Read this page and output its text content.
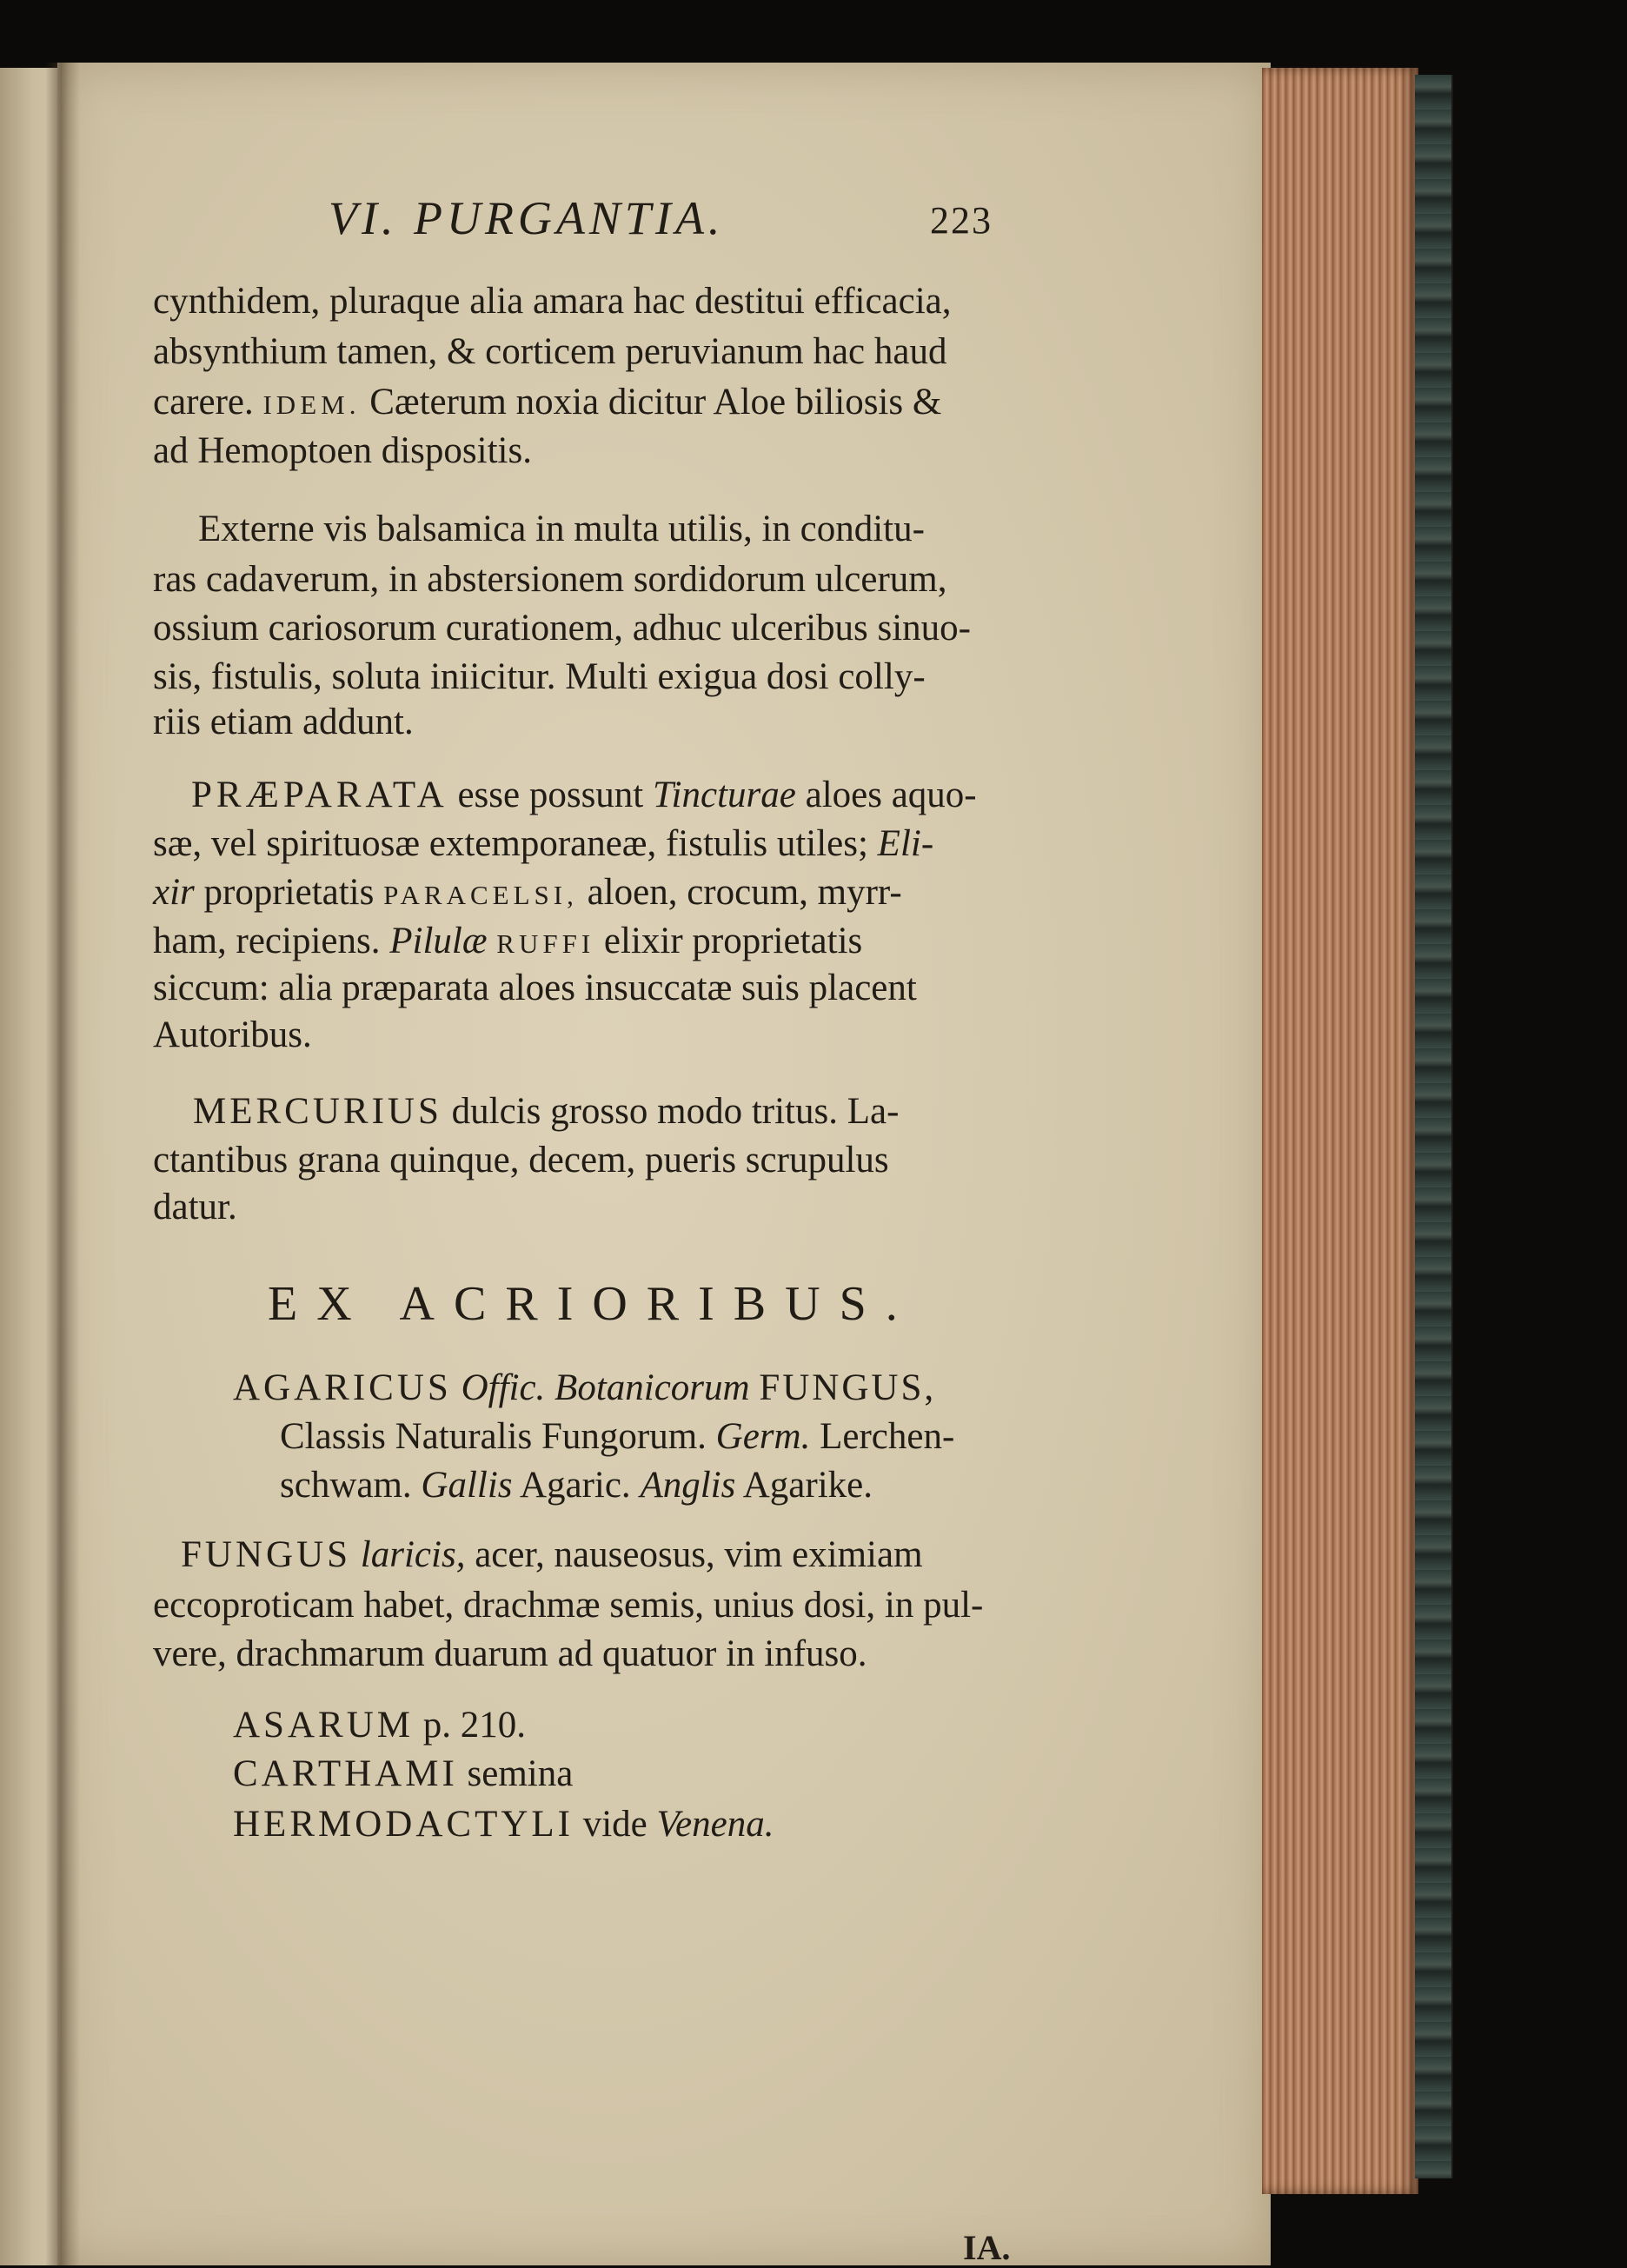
VI. PURGANTIA.	223
cynthidem, pluraque alia amara hac destitui efficacia,
absynthium tamen, & corticem peruvianum hac haud
carere. IDEM. Cæterum noxia dicitur Aloe biliosis &
ad Hemoptoen dispositis.
Externe vis balsamica in multa utilis, in conditu-
ras cadaverum, in abstersionem sordidorum ulcerum,
ossium cariosorum curationem, adhuc ulceribus sinuo-
sis, fistulis, soluta iniicitur. Multi exigua dosi colly-
riis etiam addunt.
PRÆPARATA esse possunt Tincturae aloes aquo-
sæ, vel spirituosæ extemporaneæ, fistulis utiles; Eli-
xir proprietatis PARACELSI, aloen, crocum, myrr-
ham, recipiens. Pilulæ RUFFI elixir proprietatis
siccum: alia præparata aloes insuccatæ suis placent
Autoribus.
MERCURIUS dulcis grosso modo tritus. La-
ctantibus grana quinque, decem, pueris scrupulus
datur.
EX ACRIORIBUS.
AGARICUS Offic. Botanicorum FUNGUS,
Classis Naturalis Fungorum. Germ. Lerchen-
schwam. Gallis Agaric. Anglis Agarike.
FUNGUS laricis, acer, nauseosus, vim eximiam
eccoproticam habet, drachmæ semis, unius dosi, in pul-
vere, drachmarum duarum ad quatuor in infuso.
ASARUM p. 210.
CARTHAMI semina
HERMODACTYLI vide Venena.
IA.
